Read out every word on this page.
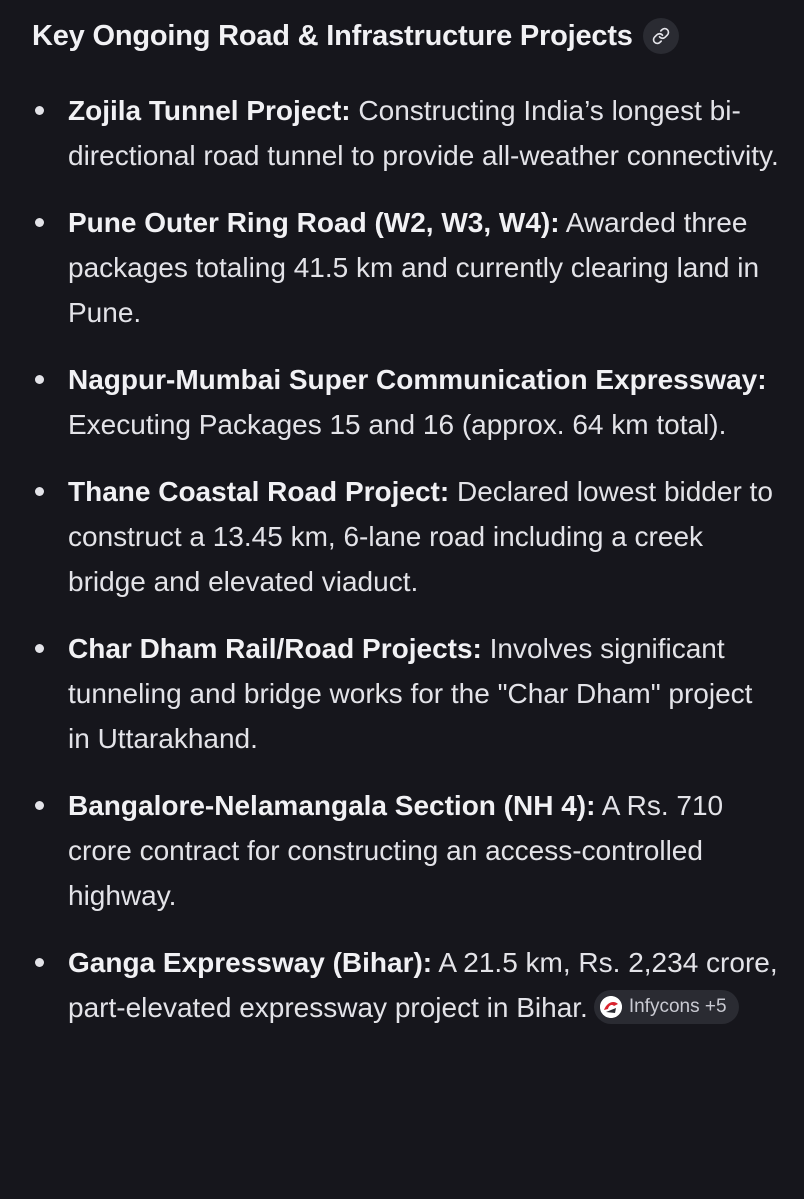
Key Ongoing Road & Infrastructure Projects
Zojila Tunnel Project: Constructing India’s longest bi-directional road tunnel to provide all-weather connectivity.
Pune Outer Ring Road (W2, W3, W4): Awarded three packages totaling 41.5 km and currently clearing land in Pune.
Nagpur-Mumbai Super Communication Expressway: Executing Packages 15 and 16 (approx. 64 km total).
Thane Coastal Road Project: Declared lowest bidder to construct a 13.45 km, 6-lane road including a creek bridge and elevated viaduct.
Char Dham Rail/Road Projects: Involves significant tunneling and bridge works for the "Char Dham" project in Uttarakhand.
Bangalore-Nelamangala Section (NH 4): A Rs. 710 crore contract for constructing an access-controlled highway.
Ganga Expressway (Bihar): A 21.5 km, Rs. 2,234 crore, part-elevated expressway project in Bihar. Infycons +5
